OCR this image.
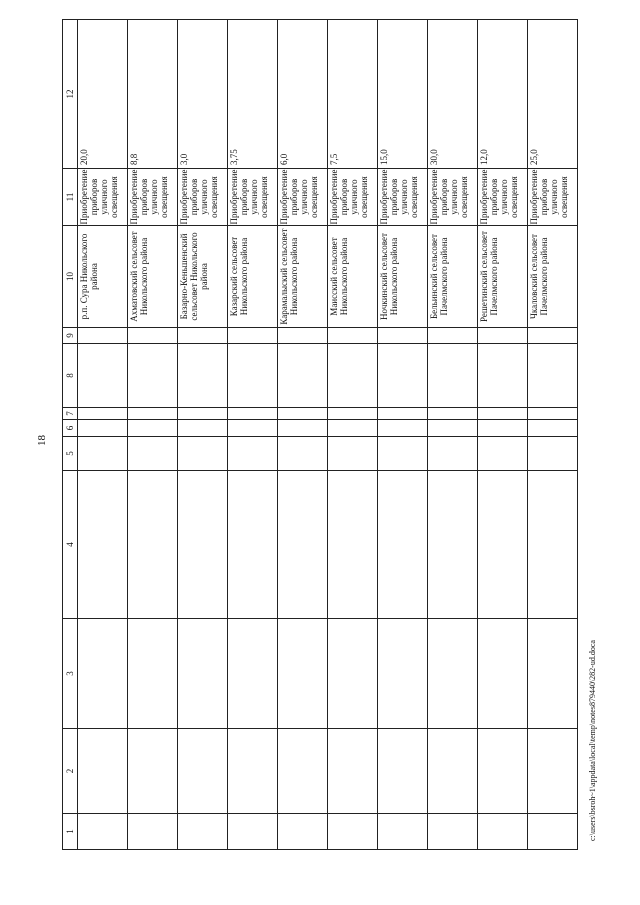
18
1	2	3	4	5	6	7	8	9	10	11	12
									р.п. Сура Никольского района	Приобретение приборов уличного освещения	20,0
									Ахматовский сельсовет Никольского района	Приобретение приборов уличного освещения	8,8
									Базарно-Кеньшенский сельсовет Никольского района	Приобретение приборов уличного освещения	3,0
									Казарский сельсовет Никольского района	Приобретение приборов уличного освещения	3,75
									Карамалыский сельсовет Никольского района	Приобретение приборов уличного освещения	6,0
									Маисский сельсовет Никольского района	Приобретение приборов уличного освещения	7,5
									Ночкинский сельсовет Никольского района	Приобретение приборов уличного освещения	15,0
									Бельинский сельсовет Пачелмского района	Приобретение приборов уличного освещения	30,0
									Решетинский сельсовет Пачелмского района	Приобретение приборов уличного освещения	12,0
									Чкаловский сельсовет Пачелмского района	Приобретение приборов уличного освещения	25,0
c:\users\bsroh~1\appdata\local\temp\notes879440\282-ud.doca
